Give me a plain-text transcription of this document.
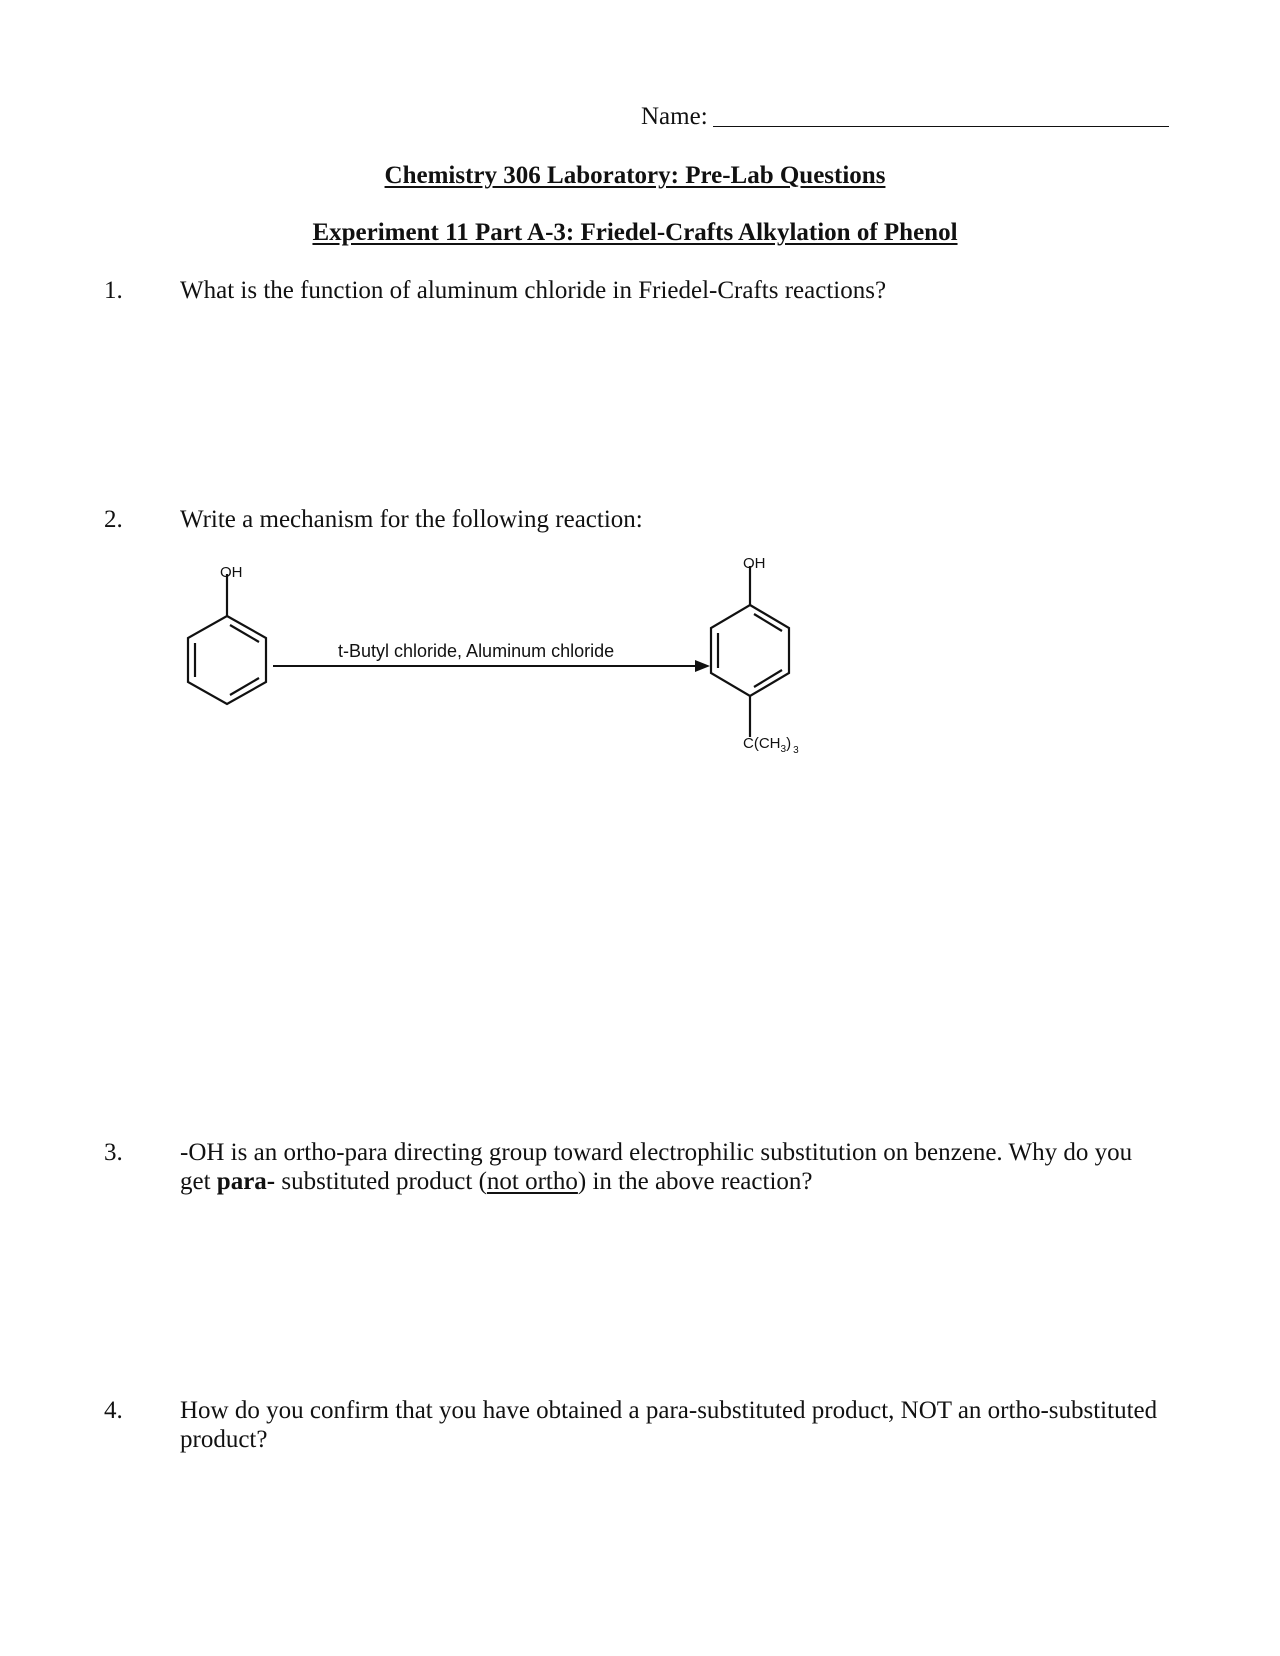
Name:
Chemistry 306 Laboratory: Pre-Lab Questions
Experiment 11 Part A-3: Friedel-Crafts Alkylation of Phenol
1. What is the function of aluminum chloride in Friedel-Crafts reactions?
2. Write a mechanism for the following reaction:
OH
t-Butyl chloride, Aluminum chloride
OH
$C(CH_3)$ $_3$
3. -OH is an ortho-para directing group toward electrophilic substitution on benzene. Why do you
get para- substituted product (not ortho) in the above reaction?
4. How do you confirm that you have obtained a para-substituted product, NOT an ortho-substituted
product?
